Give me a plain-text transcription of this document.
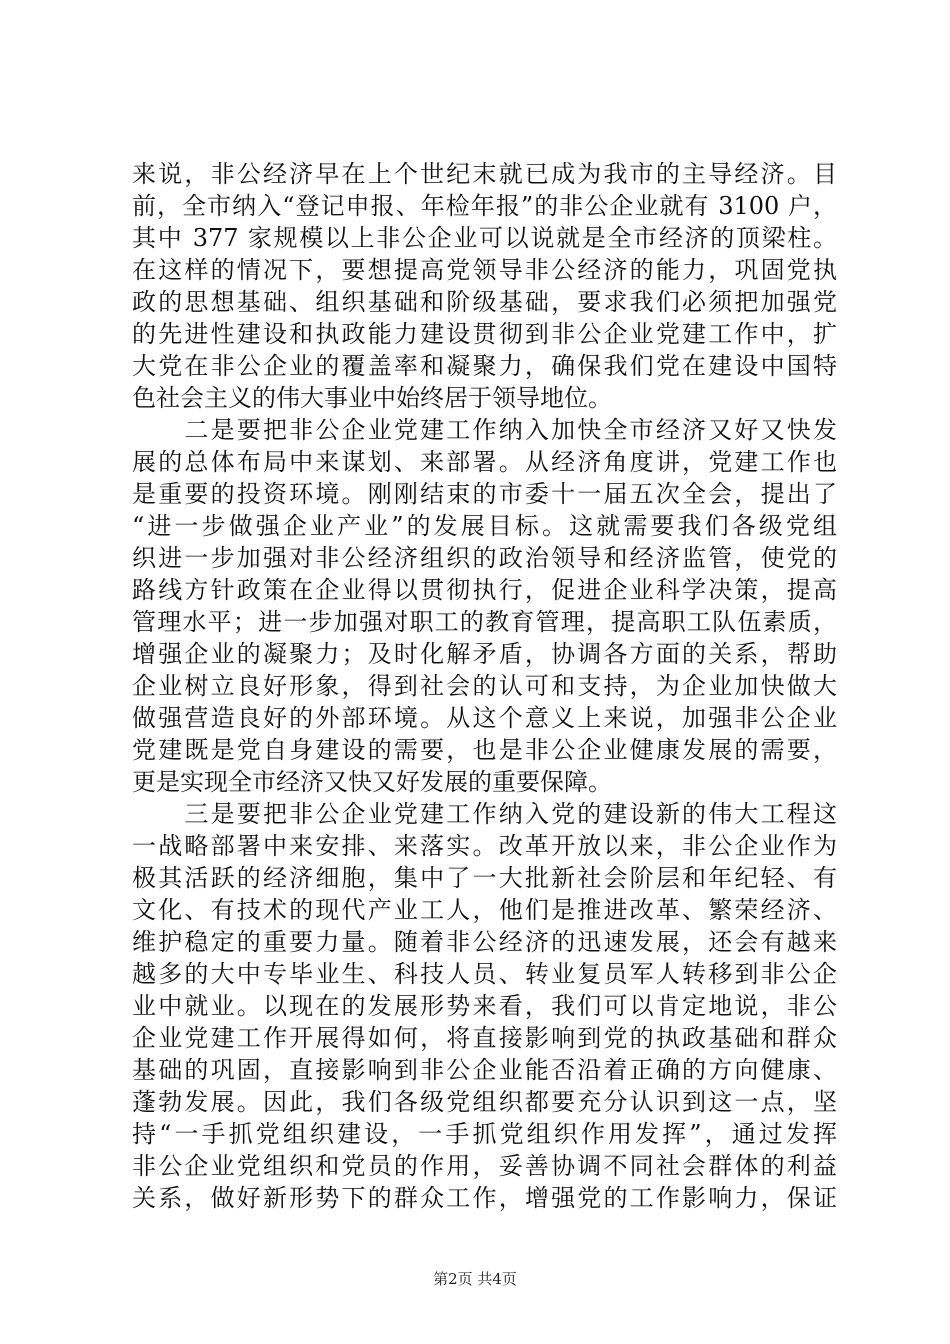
来说，非公经济早在上个世纪末就已成为我市的主导经济。目
前，全市纳入“登记申报、年检年报”的非公企业就有 3100 户，
其中 377 家规模以上非公企业可以说就是全市经济的顶梁柱。
在这样的情况下，要想提高党领导非公经济的能力，巩固党执
政的思想基础、组织基础和阶级基础，要求我们必须把加强党
的先进性建设和执政能力建设贯彻到非公企业党建工作中，扩
大党在非公企业的覆盖率和凝聚力，确保我们党在建设中国特
色社会主义的伟大事业中始终居于领导地位。
　　二是要把非公企业党建工作纳入加快全市经济又好又快发
展的总体布局中来谋划、来部署。从经济角度讲，党建工作也
是重要的投资环境。刚刚结束的市委十一届五次全会，提出了
“进一步做强企业产业”的发展目标。这就需要我们各级党组
织进一步加强对非公经济组织的政治领导和经济监管，使党的
路线方针政策在企业得以贯彻执行，促进企业科学决策，提高
管理水平；进一步加强对职工的教育管理，提高职工队伍素质，
增强企业的凝聚力；及时化解矛盾，协调各方面的关系，帮助
企业树立良好形象，得到社会的认可和支持，为企业加快做大
做强营造良好的外部环境。从这个意义上来说，加强非公企业
党建既是党自身建设的需要，也是非公企业健康发展的需要，
更是实现全市经济又快又好发展的重要保障。
　　三是要把非公企业党建工作纳入党的建设新的伟大工程这
一战略部署中来安排、来落实。改革开放以来，非公企业作为
极其活跃的经济细胞，集中了一大批新社会阶层和年纪轻、有
文化、有技术的现代产业工人，他们是推进改革、繁荣经济、
维护稳定的重要力量。随着非公经济的迅速发展，还会有越来
越多的大中专毕业生、科技人员、转业复员军人转移到非公企
业中就业。以现在的发展形势来看，我们可以肯定地说，非公
企业党建工作开展得如何，将直接影响到党的执政基础和群众
基础的巩固，直接影响到非公企业能否沿着正确的方向健康、
蓬勃发展。因此，我们各级党组织都要充分认识到这一点，坚
持“一手抓党组织建设，一手抓党组织作用发挥”，通过发挥
非公企业党组织和党员的作用，妥善协调不同社会群体的利益
关系，做好新形势下的群众工作，增强党的工作影响力，保证
第2页 共4页
